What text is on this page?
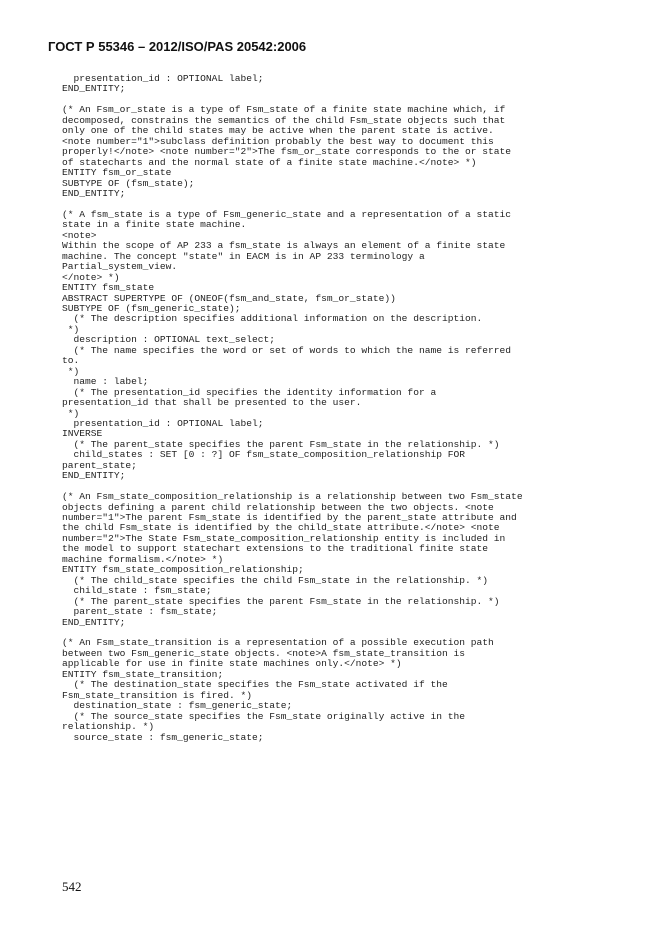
ГОСТ Р 55346 – 2012/ISO/PAS 20542:2006
presentation_id : OPTIONAL label;
END_ENTITY;
(* An Fsm_or_state is a type of Fsm_state of a finite state machine which, if
decomposed, constrains the semantics of the child Fsm_state objects such that
only one of the child states may be active when the parent state is active.
<note number="1">subclass definition probably the best way to document this
properly!</note> <note number="2">The fsm_or_state corresponds to the or state
of statecharts and the normal state of a finite state machine.</note> *)
ENTITY fsm_or_state
SUBTYPE OF (fsm_state);
END_ENTITY;
(* A fsm_state is a type of Fsm_generic_state and a representation of a static
state in a finite state machine.
<note>
Within the scope of AP 233 a fsm_state is always an element of a finite state
machine. The concept "state" in EACM is in AP 233 terminology a
Partial_system_view.
</note> *)
ENTITY fsm_state
ABSTRACT SUPERTYPE OF (ONEOF(fsm_and_state, fsm_or_state))
SUBTYPE OF (fsm_generic_state);
(* The description specifies additional information on the description.
*)
description : OPTIONAL text_select;
(* The name specifies the word or set of words to which the name is referred
to.
*)
name : label;
(* The presentation_id specifies the identity information for a
presentation_id that shall be presented to the user.
*)
presentation_id : OPTIONAL label;
INVERSE
(* The parent_state specifies the parent Fsm_state in the relationship. *)
child_states : SET [0 : ?] OF fsm_state_composition_relationship FOR
parent_state;
END_ENTITY;
(* An Fsm_state_composition_relationship is a relationship between two Fsm_state
objects defining a parent child relationship between the two objects. <note
number="1">The parent Fsm_state is identified by the parent_state attribute and
the child Fsm_state is identified by the child_state attribute.</note> <note
number="2">The State Fsm_state_composition_relationship entity is included in
the model to support statechart extensions to the traditional finite state
machine formalism.</note> *)
ENTITY fsm_state_composition_relationship;
(* The child_state specifies the child Fsm_state in the relationship. *)
child_state : fsm_state;
(* The parent_state specifies the parent Fsm_state in the relationship. *)
parent_state : fsm_state;
END_ENTITY;
(* An Fsm_state_transition is a representation of a possible execution path
between two Fsm_generic_state objects. <note>A fsm_state_transition is
applicable for use in finite state machines only.</note> *)
ENTITY fsm_state_transition;
(* The destination_state specifies the Fsm_state activated if the
Fsm_state_transition is fired. *)
destination_state : fsm_generic_state;
(* The source_state specifies the Fsm_state originally active in the
relationship. *)
source_state : fsm_generic_state;
542
